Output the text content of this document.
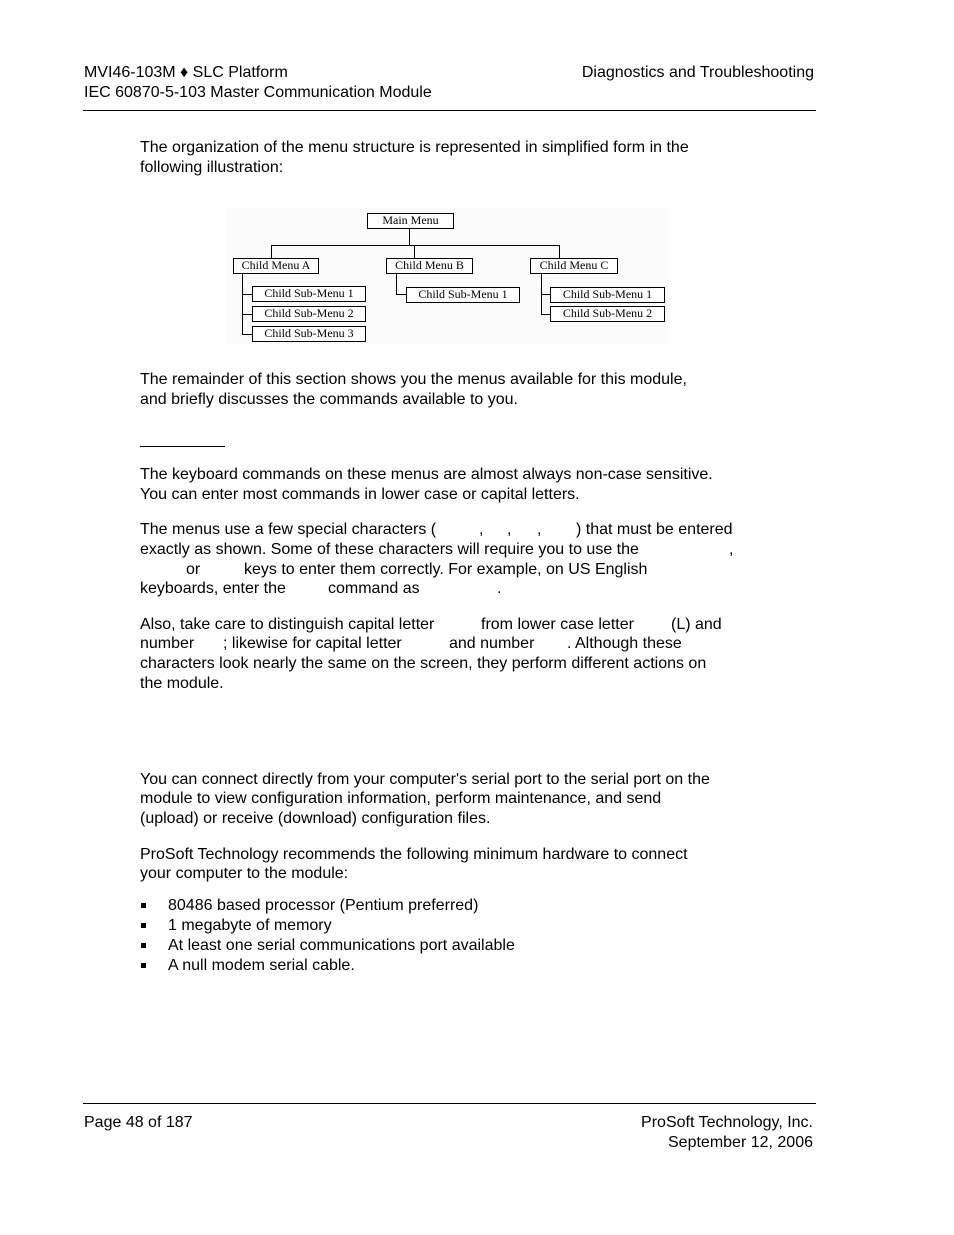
MVI46-103M ♦ SLC Platform
IEC 60870-5-103 Master Communication Module
Diagnostics and Troubleshooting
The organization of the menu structure is represented in simplified form in the
following illustration:
Main Menu
Child Menu A	Child Menu B	Child Menu C
Child Sub-Menu 1
Child Sub-Menu 2
Child Sub-Menu 3
Child Sub-Menu 1	Child Sub-Menu 1
Child Sub-Menu 2
The remainder of this section shows you the menus available for this module,
and briefly discusses the commands available to you.
The keyboard commands on these menus are almost always non-case sensitive.
You can enter most commands in lower case or capital letters.
The menus use a few special characters (	, , , ) that must be entered
exactly as shown. Some of these characters will require you to use the	,
or	keys to enter them correctly. For example, on US English
keyboards, enter the	command as	.
Also, take care to distinguish capital letter	from lower case letter (L) and
number ; likewise for capital letter	and number . Although these
characters look nearly the same on the screen, they perform different actions on
the module.
You can connect directly from your computer's serial port to the serial port on the
module to view configuration information, perform maintenance, and send
(upload) or receive (download) configuration files.
ProSoft Technology recommends the following minimum hardware to connect
your computer to the module:
80486 based processor (Pentium preferred)
1 megabyte of memory
At least one serial communications port available
A null modem serial cable.
Page 48 of 187	ProSoft Technology, Inc.
September 12, 2006
